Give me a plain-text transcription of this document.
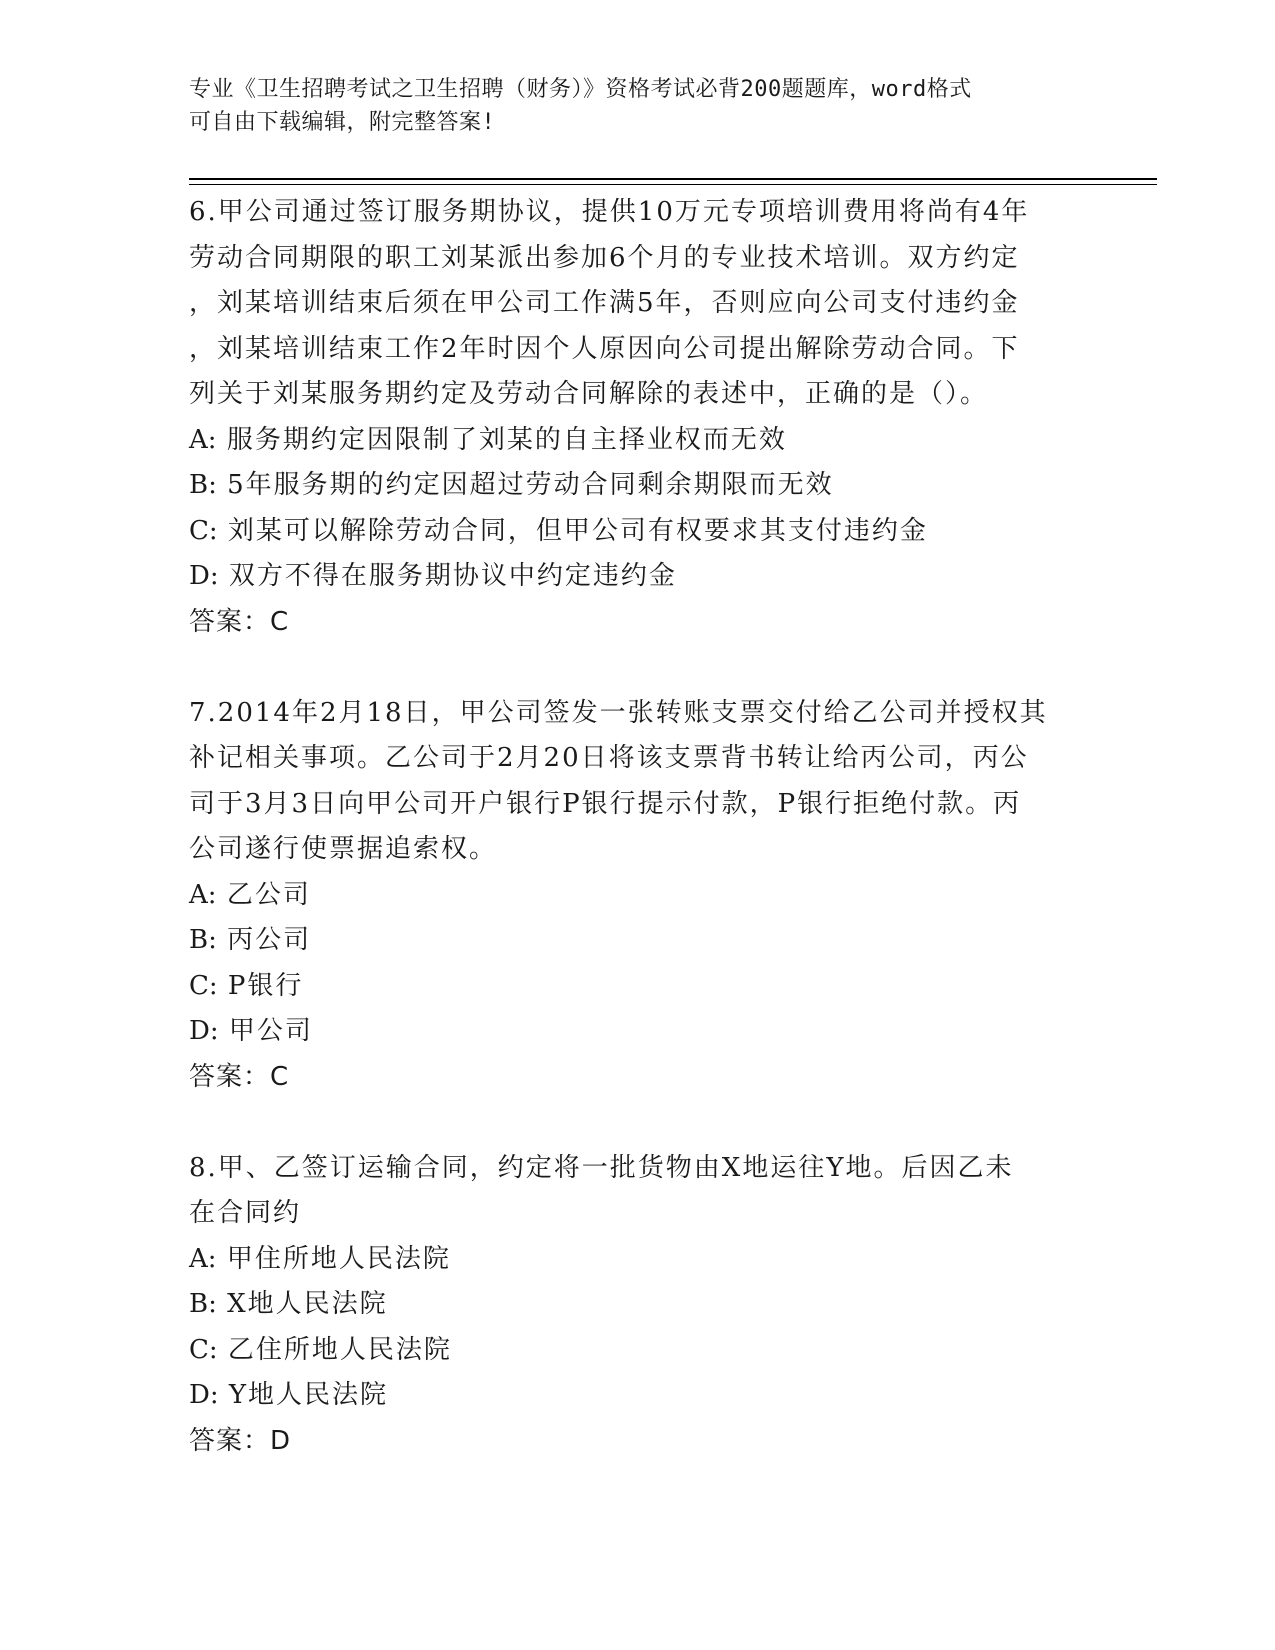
专业《卫生招聘考试之卫生招聘（财务）》资格考试必背200题题库，word格式
可自由下载编辑，附完整答案!
6.甲公司通过签订服务期协议，提供10万元专项培训费用将尚有4年
劳动合同期限的职工刘某派出参加6个月的专业技术培训。双方约定
，刘某培训结束后须在甲公司工作满5年，否则应向公司支付违约金
，刘某培训结束工作2年时因个人原因向公司提出解除劳动合同。下
列关于刘某服务期约定及劳动合同解除的表述中，正确的是（）。
A: 服务期约定因限制了刘某的自主择业权而无效
B: 5年服务期的约定因超过劳动合同剩余期限而无效
C: 刘某可以解除劳动合同，但甲公司有权要求其支付违约金
D: 双方不得在服务期协议中约定违约金
答案：C
7.2014年2月18日，甲公司签发一张转账支票交付给乙公司并授权其
补记相关事项。乙公司于2月20日将该支票背书转让给丙公司，丙公
司于3月3日向甲公司开户银行P银行提示付款，P银行拒绝付款。丙
公司遂行使票据追索权。
A: 乙公司
B: 丙公司
C: P银行
D: 甲公司
答案：C
8.甲、乙签订运输合同，约定将一批货物由X地运往Y地。后因乙未
在合同约
A: 甲住所地人民法院
B: X地人民法院
C: 乙住所地人民法院
D: Y地人民法院
答案：D
